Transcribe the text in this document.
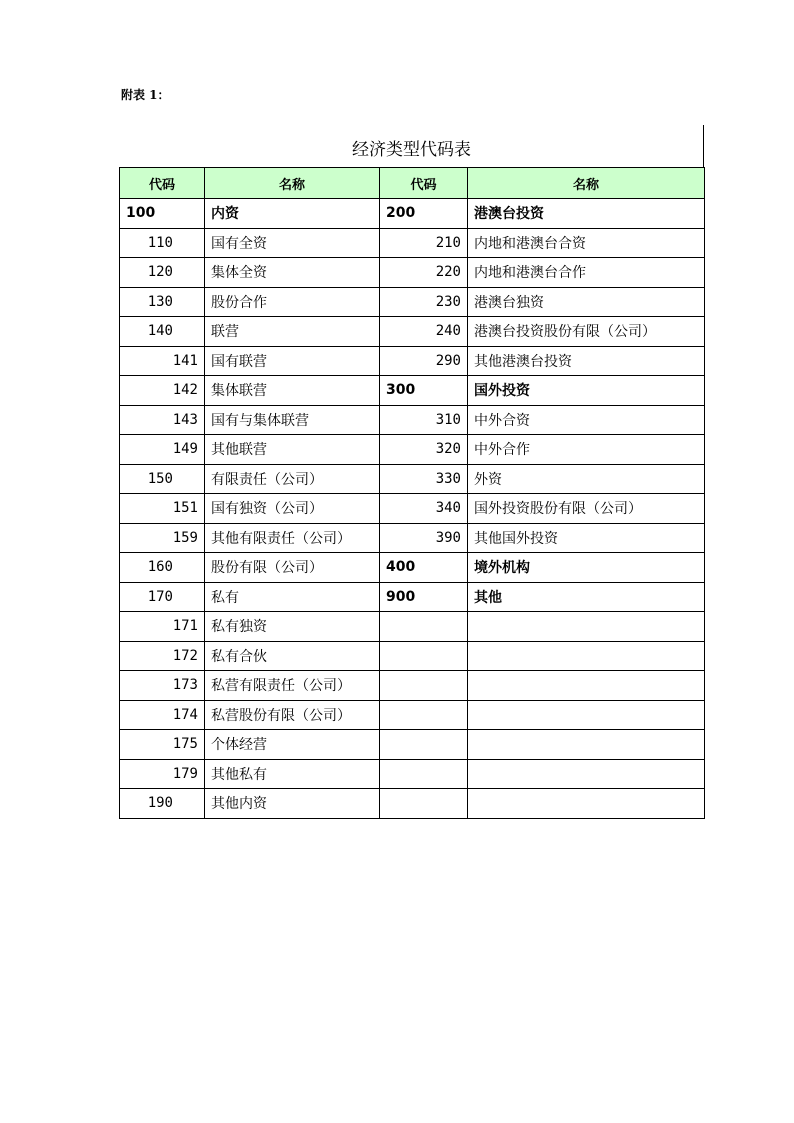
附表 1：
经济类型代码表
代码	名称	代码	名称
100	内资	200	港澳台投资
110	国有全资	210	内地和港澳台合资
120	集体全资	220	内地和港澳台合作
130	股份合作	230	港澳台独资
140	联营	240	港澳台投资股份有限（公司）
141	国有联营	290	其他港澳台投资
142	集体联营	300	国外投资
143	国有与集体联营	310	中外合资
149	其他联营	320	中外合作
150	有限责任（公司）	330	外资
151	国有独资（公司）	340	国外投资股份有限（公司）
159	其他有限责任（公司）	390	其他国外投资
160	股份有限（公司）	400	境外机构
170	私有	900	其他
171	私有独资		
172	私有合伙		
173	私营有限责任（公司）		
174	私营股份有限（公司）		
175	个体经营		
179	其他私有		
190	其他内资		
